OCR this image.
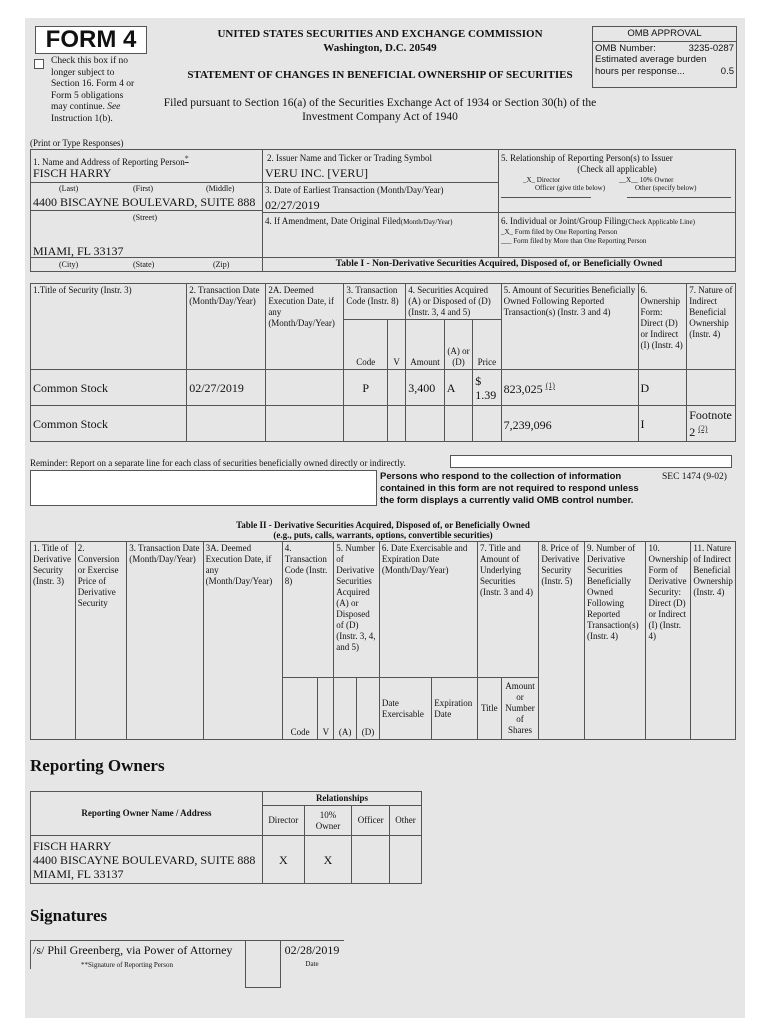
FORM 4
Check this box if no longer subject to Section 16. Form 4 or Form 5 obligations may continue. See Instruction 1(b).
UNITED STATES SECURITIES AND EXCHANGE COMMISSION
Washington, D.C. 20549
STATEMENT OF CHANGES IN BENEFICIAL OWNERSHIP OF SECURITIES
Filed pursuant to Section 16(a) of the Securities Exchange Act of 1934 or Section 30(h) of the Investment Company Act of 1940
OMB APPROVAL
OMB Number:	3235-0287
Estimated average burden
hours per response...	0.5
(Print or Type Responses)
1. Name and Address of Reporting Person*
FISCH HARRY
(Last)	(First)	(Middle)
4400 BISCAYNE BOULEVARD, SUITE 888
(Street)
MIAMI, FL 33137
(City)	(State)	(Zip)
2. Issuer Name and Ticker or Trading Symbol
VERU INC. [VERU]
3. Date of Earliest Transaction (Month/Day/Year)
02/27/2019
4. If Amendment, Date Original Filed(Month/Day/Year)
5. Relationship of Reporting Person(s) to Issuer
(Check all applicable)
_X_ Director	__X__ 10% Owner
Officer (give title below)	Other (specify below)
6. Individual or Joint/Group Filing(Check Applicable Line)
_X_ Form filed by One Reporting Person
___ Form filed by More than One Reporting Person
Table I - Non-Derivative Securities Acquired, Disposed of, or Beneficially Owned
1.Title of Security (Instr. 3)	2. Transaction Date (Month/Day/Year)	2A. Deemed Execution Date, if any (Month/Day/Year)	3. Transaction Code (Instr. 8)		4. Securities Acquired (A) or Disposed of (D) (Instr. 3, 4 and 5)			5. Amount of Securities Beneficially Owned Following Reported Transaction(s) (Instr. 3 and 4)	6. Ownership Form: Direct (D) or Indirect (I) (Instr. 4)	7. Nature of Indirect Beneficial Ownership (Instr. 4)
			Code	V	Amount	(A) or (D)	Price			
Common Stock	02/27/2019		P		3,400	A	$ 1.39	823,025 $^{(1)}$	D	
Common Stock								7,239,096	I	Footnote 2 $^{(2)}$
Reminder: Report on a separate line for each class of securities beneficially owned directly or indirectly.
Persons who respond to the collection of information contained in this form are not required to respond unless the form displays a currently valid OMB control number.
SEC 1474 (9-02)
Table II - Derivative Securities Acquired, Disposed of, or Beneficially Owned
(e.g., puts, calls, warrants, options, convertible securities)
1. Title of Derivative Security (Instr. 3)	2. Conversion or Exercise Price of Derivative Security	3. Transaction Date (Month/Day/Year)	3A. Deemed Execution Date, if any (Month/Day/Year)	4. Transaction Code (Instr. 8)		5. Number of Derivative Securities Acquired (A) or Disposed of (D) (Instr. 3, 4, and 5)		6. Date Exercisable and Expiration Date (Month/Day/Year)		7. Title and Amount of Underlying Securities (Instr. 3 and 4)		8. Price of Derivative Security (Instr. 5)	9. Number of Derivative Securities Beneficially Owned Following Reported Transaction(s) (Instr. 4)	10. Ownership Form of Derivative Security: Direct (D) or Indirect (I) (Instr. 4)	11. Nature of Indirect Beneficial Ownership (Instr. 4)
				Code	V	(A)	(D)	Date Exercisable	Expiration Date	Title	Amount or Number of Shares				
Reporting Owners
Reporting Owner Name / Address	Relationships			
	Director	10% Owner	Officer	Other

FISCH HARRY
4400 BISCAYNE BOULEVARD, SUITE 888
MIAMI, FL 33137	X	X		
Signatures
/s/ Phil Greenberg, via Power of Attorney
**Signature of Reporting Person
02/28/2019
Date
